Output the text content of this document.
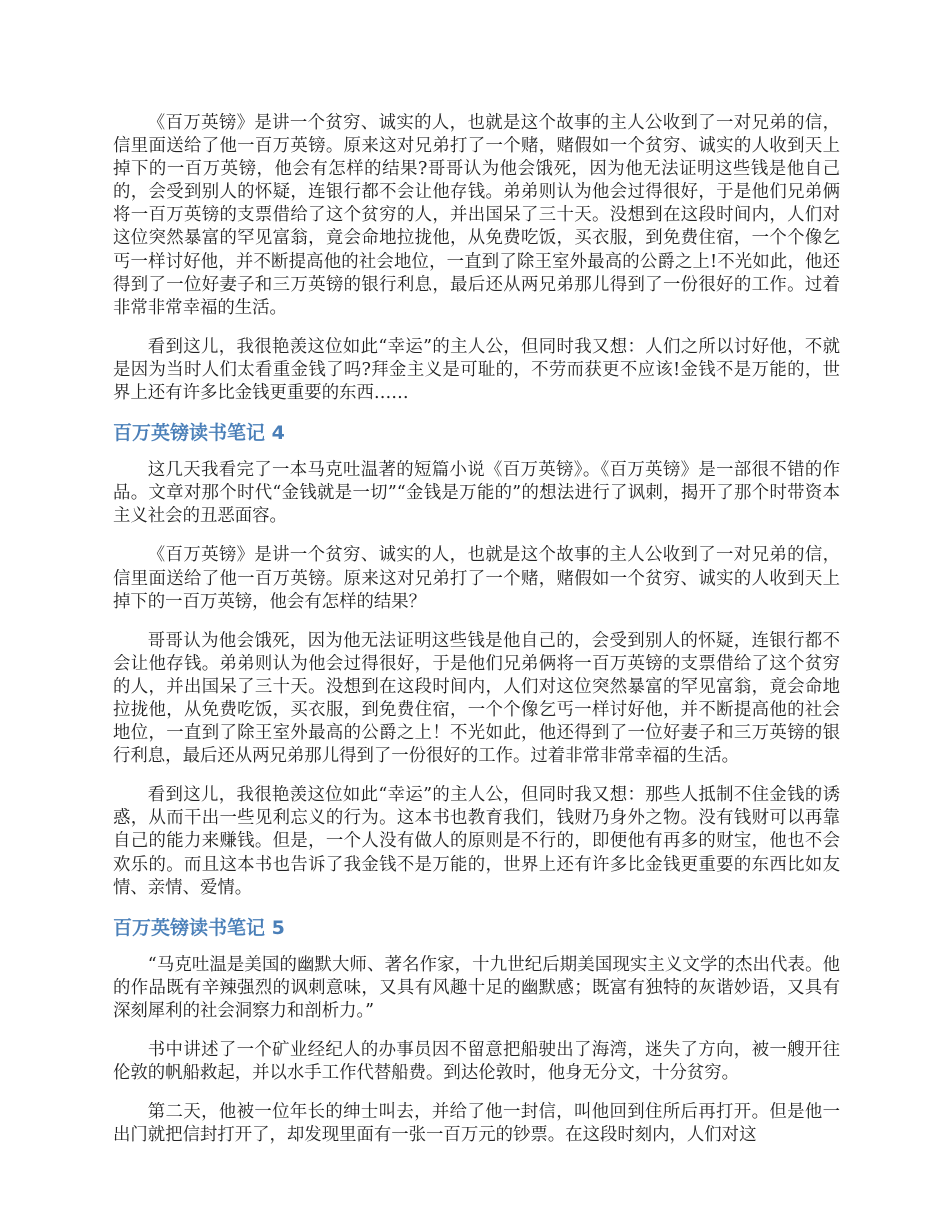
《百万英镑》是讲一个贫穷、诚实的人，也就是这个故事的主人公收到了一对兄弟的信，信里面送给了他一百万英镑。原来这对兄弟打了一个赌，赌假如一个贫穷、诚实的人收到天上掉下的一百万英镑，他会有怎样的结果?哥哥认为他会饿死，因为他无法证明这些钱是他自己的，会受到别人的怀疑，连银行都不会让他存钱。弟弟则认为他会过得很好，于是他们兄弟俩将一百万英镑的支票借给了这个贫穷的人，并出国呆了三十天。没想到在这段时间内，人们对这位突然暴富的罕见富翁，竟会命地拉拢他，从免费吃饭，买衣服，到免费住宿，一个个像乞丐一样讨好他，并不断提高他的社会地位，一直到了除王室外最高的公爵之上!不光如此，他还得到了一位好妻子和三万英镑的银行利息，最后还从两兄弟那儿得到了一份很好的工作。过着非常非常幸福的生活。

看到这儿，我很艳羡这位如此“幸运”的主人公，但同时我又想：人们之所以讨好他，不就是因为当时人们太看重金钱了吗?拜金主义是可耻的，不劳而获更不应该!金钱不是万能的，世界上还有许多比金钱更重要的东西……

百万英镑读书笔记 4

这几天我看完了一本马克吐温著的短篇小说《百万英镑》。《百万英镑》是一部很不错的作品。文章对那个时代“金钱就是一切”“金钱是万能的”的想法进行了讽刺，揭开了那个时带资本主义社会的丑恶面容。

《百万英镑》是讲一个贫穷、诚实的人，也就是这个故事的主人公收到了一对兄弟的信，信里面送给了他一百万英镑。原来这对兄弟打了一个赌，赌假如一个贫穷、诚实的人收到天上掉下的一百万英镑，他会有怎样的结果？

哥哥认为他会饿死，因为他无法证明这些钱是他自己的，会受到别人的怀疑，连银行都不会让他存钱。弟弟则认为他会过得很好，于是他们兄弟俩将一百万英镑的支票借给了这个贫穷的人，并出国呆了三十天。没想到在这段时间内，人们对这位突然暴富的罕见富翁，竟会命地拉拢他，从免费吃饭，买衣服，到免费住宿，一个个像乞丐一样讨好他，并不断提高他的社会地位，一直到了除王室外最高的公爵之上！不光如此，他还得到了一位好妻子和三万英镑的银行利息，最后还从两兄弟那儿得到了一份很好的工作。过着非常非常幸福的生活。

看到这儿，我很艳羡这位如此“幸运”的主人公，但同时我又想：那些人抵制不住金钱的诱惑，从而干出一些见利忘义的行为。这本书也教育我们，钱财乃身外之物。没有钱财可以再靠自己的能力来赚钱。但是，一个人没有做人的原则是不行的，即便他有再多的财宝，他也不会欢乐的。而且这本书也告诉了我金钱不是万能的，世界上还有许多比金钱更重要的东西比如友情、亲情、爱情。

百万英镑读书笔记 5

“马克吐温是美国的幽默大师、著名作家，十九世纪后期美国现实主义文学的杰出代表。他的作品既有辛辣强烈的讽刺意味，又具有风趣十足的幽默感；既富有独特的灰谐妙语，又具有深刻犀利的社会洞察力和剖析力。”

书中讲述了一个矿业经纪人的办事员因不留意把船驶出了海湾，迷失了方向，被一艘开往伦敦的帆船救起，并以水手工作代替船费。到达伦敦时，他身无分文，十分贫穷。

第二天，他被一位年长的绅士叫去，并给了他一封信，叫他回到住所后再打开。但是他一出门就把信封打开了，却发现里面有一张一百万元的钞票。在这段时刻内，人们对这
